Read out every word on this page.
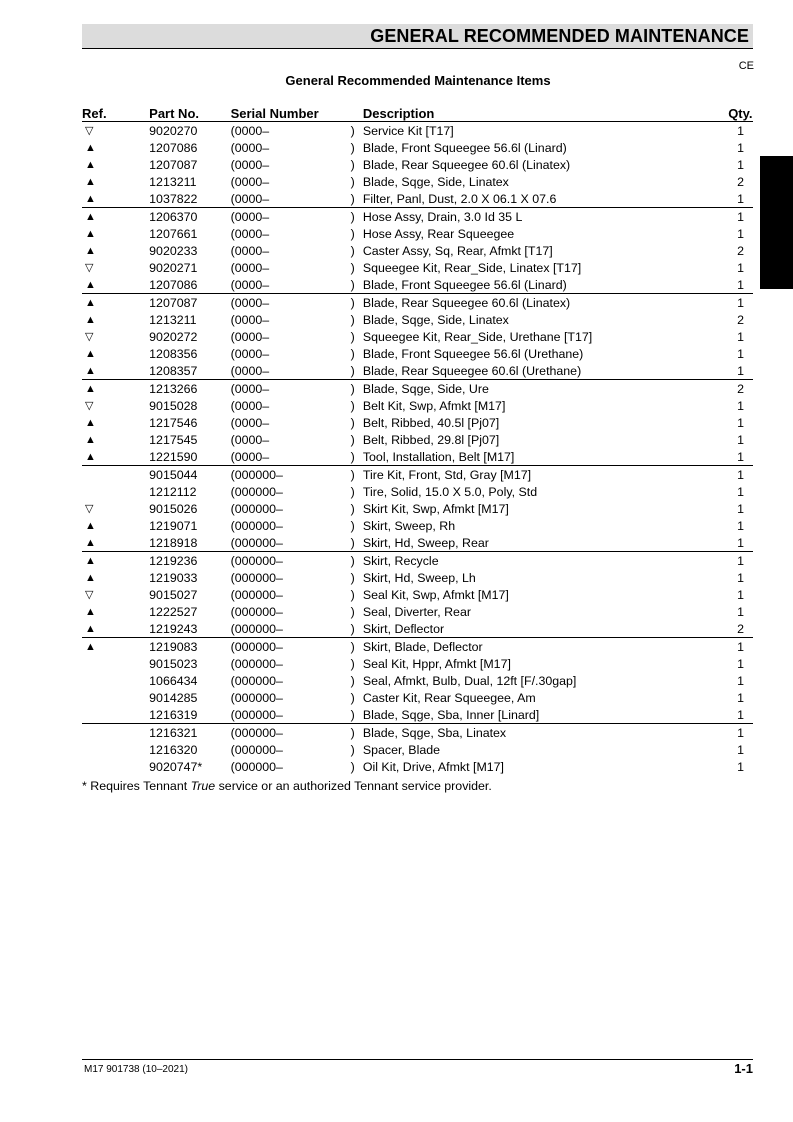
GENERAL RECOMMENDED MAINTENANCE
CE
General Recommended Maintenance Items
Ref.	Part No.	Serial Number		Description	Qty.
▽	9020270	(0000–	)	Service Kit [T17]	1
▲	1207086	(0000–	)	Blade, Front Squeegee 56.6l (Linard)	1
▲	1207087	(0000–	)	Blade, Rear Squeegee 60.6l (Linatex)	1
▲	1213211	(0000–	)	Blade, Sqge, Side, Linatex	2
▲	1037822	(0000–	)	Filter, Panl, Dust, 2.0 X 06.1 X 07.6	1
▲	1206370	(0000–	)	Hose Assy, Drain, 3.0 Id 35 L	1
▲	1207661	(0000–	)	Hose Assy, Rear Squeegee	1
▲	9020233	(0000–	)	Caster Assy, Sq, Rear, Afmkt [T17]	2
▽	9020271	(0000–	)	Squeegee Kit, Rear_Side, Linatex [T17]	1
▲	1207086	(0000–	)	Blade, Front Squeegee 56.6l (Linard)	1
▲	1207087	(0000–	)	Blade, Rear Squeegee 60.6l (Linatex)	1
▲	1213211	(0000–	)	Blade, Sqge, Side, Linatex	2
▽	9020272	(0000–	)	Squeegee Kit, Rear_Side, Urethane [T17]	1
▲	1208356	(0000–	)	Blade, Front Squeegee 56.6l (Urethane)	1
▲	1208357	(0000–	)	Blade, Rear Squeegee 60.6l (Urethane)	1
▲	1213266	(0000–	)	Blade, Sqge, Side, Ure	2
▽	9015028	(0000–	)	Belt Kit, Swp, Afmkt [M17]	1
▲	1217546	(0000–	)	Belt, Ribbed, 40.5l [Pj07]	1
▲	1217545	(0000–	)	Belt, Ribbed, 29.8l [Pj07]	1
▲	1221590	(0000–	)	Tool, Installation, Belt [M17]	1
	9015044	(000000–	)	Tire Kit, Front, Std, Gray [M17]	1
	1212112	(000000–	)	Tire, Solid, 15.0 X 5.0, Poly, Std	1
▽	9015026	(000000–	)	Skirt Kit, Swp, Afmkt [M17]	1
▲	1219071	(000000–	)	Skirt, Sweep, Rh	1
▲	1218918	(000000–	)	Skirt, Hd, Sweep, Rear	1
▲	1219236	(000000–	)	Skirt, Recycle	1
▲	1219033	(000000–	)	Skirt, Hd, Sweep, Lh	1
▽	9015027	(000000–	)	Seal Kit, Swp, Afmkt [M17]	1
▲	1222527	(000000–	)	Seal, Diverter, Rear	1
▲	1219243	(000000–	)	Skirt, Deflector	2
▲	1219083	(000000–	)	Skirt, Blade, Deflector	1
	9015023	(000000–	)	Seal Kit, Hppr, Afmkt [M17]	1
	1066434	(000000–	)	Seal, Afmkt, Bulb, Dual, 12ft [F/.30gap]	1
	9014285	(000000–	)	Caster Kit, Rear Squeegee, Am	1
	1216319	(000000–	)	Blade, Sqge, Sba, Inner [Linard]	1
	1216321	(000000–	)	Blade, Sqge, Sba, Linatex	1
	1216320	(000000–	)	Spacer, Blade	1
	9020747*	(000000–	)	Oil Kit, Drive, Afmkt [M17]	1
* Requires Tennant True service or an authorized Tennant service provider.
M17 901738 (10–2021)	1-1
